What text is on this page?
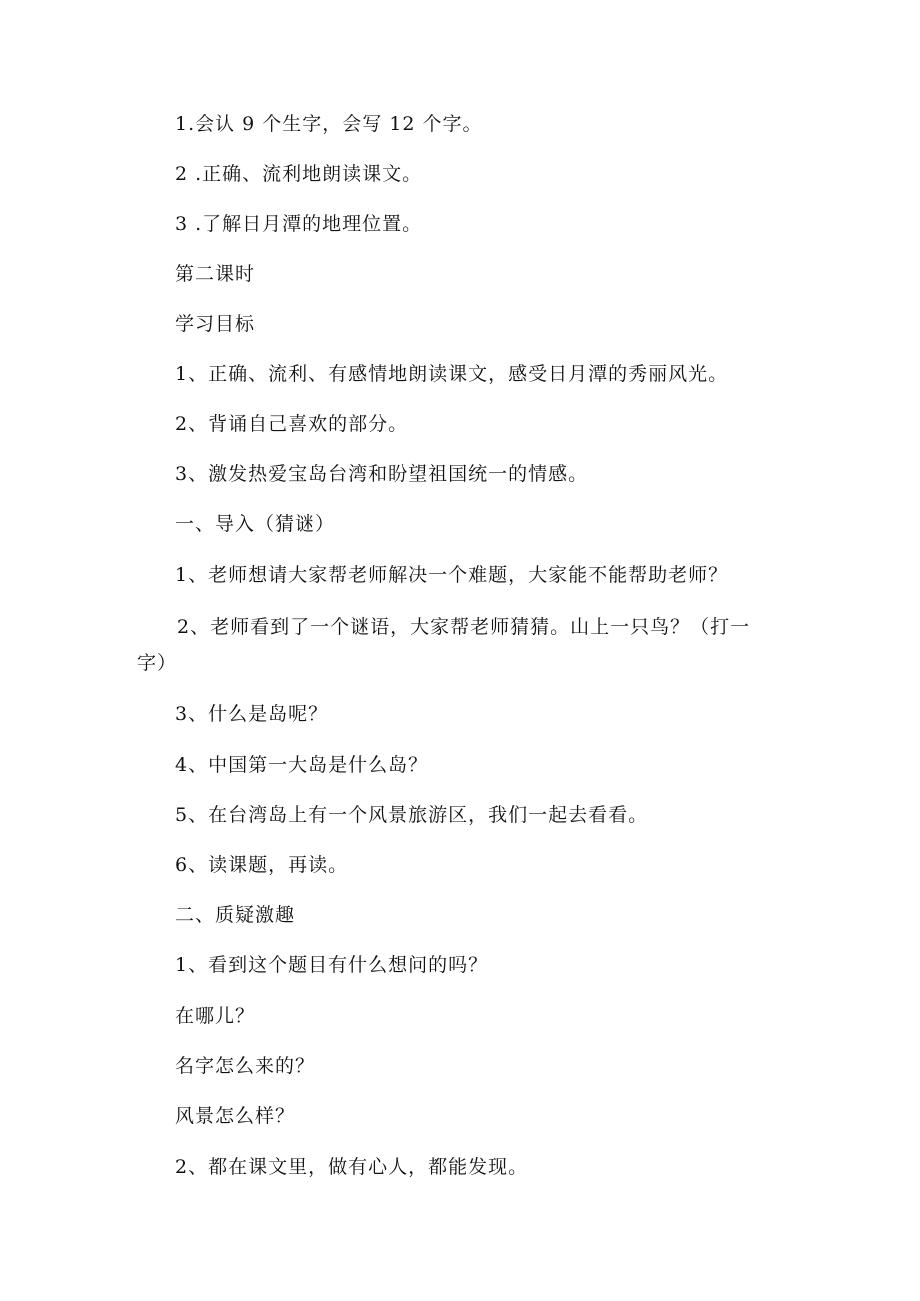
1.会认 9 个生字，会写 12 个字。
2 .正确、流利地朗读课文。
3 .了解日月潭的地理位置。
第二课时
学习目标
1、正确、流利、有感情地朗读课文，感受日月潭的秀丽风光。
2、背诵自己喜欢的部分。
3、激发热爱宝岛台湾和盼望祖国统一的情感。
一、导入（猜谜）
1、老师想请大家帮老师解决一个难题，大家能不能帮助老师？
2、老师看到了一个谜语，大家帮老师猜猜。山上一只鸟？（打一字）
3、什么是岛呢？
4、中国第一大岛是什么岛？
5、在台湾岛上有一个风景旅游区，我们一起去看看。
6、读课题，再读。
二、质疑激趣
1、看到这个题目有什么想问的吗？
在哪儿？
名字怎么来的？
风景怎么样？
2、都在课文里，做有心人，都能发现。
